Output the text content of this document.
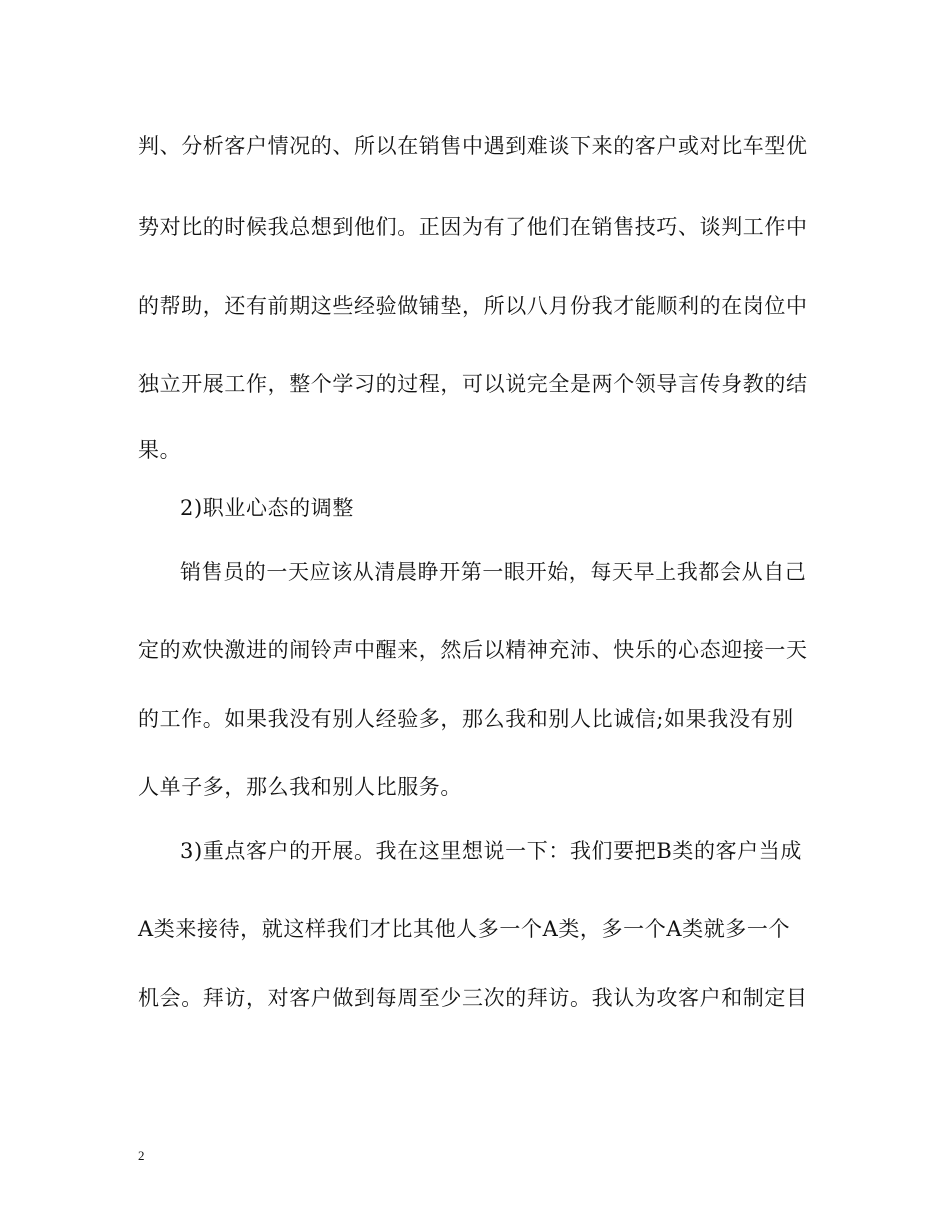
判、分析客户情况的、所以在销售中遇到难谈下来的客户或对比车型优
势对比的时候我总想到他们。正因为有了他们在销售技巧、谈判工作中
的帮助，还有前期这些经验做铺垫，所以八月份我才能顺利的在岗位中
独立开展工作，整个学习的过程，可以说完全是两个领导言传身教的结
果。
2)职业心态的调整
销售员的一天应该从清晨睁开第一眼开始，每天早上我都会从自己
定的欢快激进的闹铃声中醒来，然后以精神充沛、快乐的心态迎接一天
的工作。如果我没有别人经验多，那么我和别人比诚信;如果我没有别
人单子多，那么我和别人比服务。
3)重点客户的开展。我在这里想说一下：我们要把B类的客户当成
A类来接待，就这样我们才比其他人多一个A类，多一个A类就多一个
机会。拜访，对客户做到每周至少三次的拜访。我认为攻客户和制定目
2
